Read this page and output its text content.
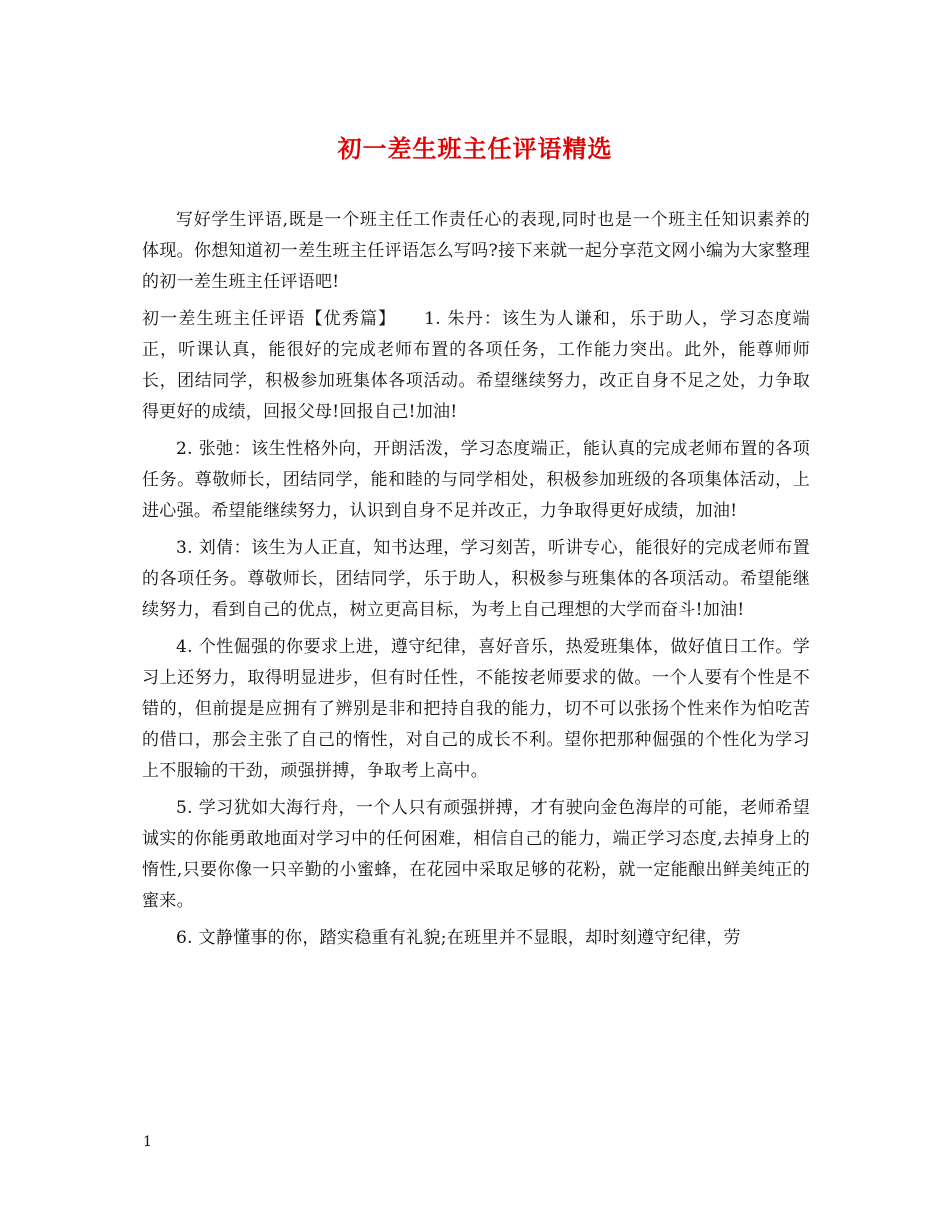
初一差生班主任评语精选

写好学生评语,既是一个班主任工作责任心的表现,同时也是一个班主任知识素养的体现。你想知道初一差生班主任评语怎么写吗?接下来就一起分享范文网小编为大家整理的初一差生班主任评语吧!

初一差生班主任评语【优秀篇】　　1. 朱丹：该生为人谦和，乐于助人，学习态度端正，听课认真，能很好的完成老师布置的各项任务，工作能力突出。此外，能尊师师长，团结同学，积极参加班集体各项活动。希望继续努力，改正自身不足之处，力争取得更好的成绩，回报父母!回报自己!加油!

2. 张弛：该生性格外向，开朗活泼，学习态度端正，能认真的完成老师布置的各项任务。尊敬师长，团结同学，能和睦的与同学相处，积极参加班级的各项集体活动，上进心强。希望能继续努力，认识到自身不足并改正，力争取得更好成绩，加油!

3. 刘倩：该生为人正直，知书达理，学习刻苦，听讲专心，能很好的完成老师布置的各项任务。尊敬师长，团结同学，乐于助人，积极参与班集体的各项活动。希望能继续努力，看到自己的优点，树立更高目标，为考上自己理想的大学而奋斗!加油!

4. 个性倔强的你要求上进，遵守纪律，喜好音乐，热爱班集体，做好值日工作。学习上还努力，取得明显进步，但有时任性，不能按老师要求的做。一个人要有个性是不错的，但前提是应拥有了辨别是非和把持自我的能力，切不可以张扬个性来作为怕吃苦的借口，那会主张了自己的惰性，对自己的成长不利。望你把那种倔强的个性化为学习上不服输的干劲，顽强拼搏，争取考上高中。

5. 学习犹如大海行舟，一个人只有顽强拼搏，才有驶向金色海岸的可能，老师希望诚实的你能勇敢地面对学习中的任何困难，相信自己的能力，端正学习态度,去掉身上的惰性,只要你像一只辛勤的小蜜蜂，在花园中采取足够的花粉，就一定能酿出鲜美纯正的蜜来。

6. 文静懂事的你，踏实稳重有礼貌;在班里并不显眼，却时刻遵守纪律，劳

1
